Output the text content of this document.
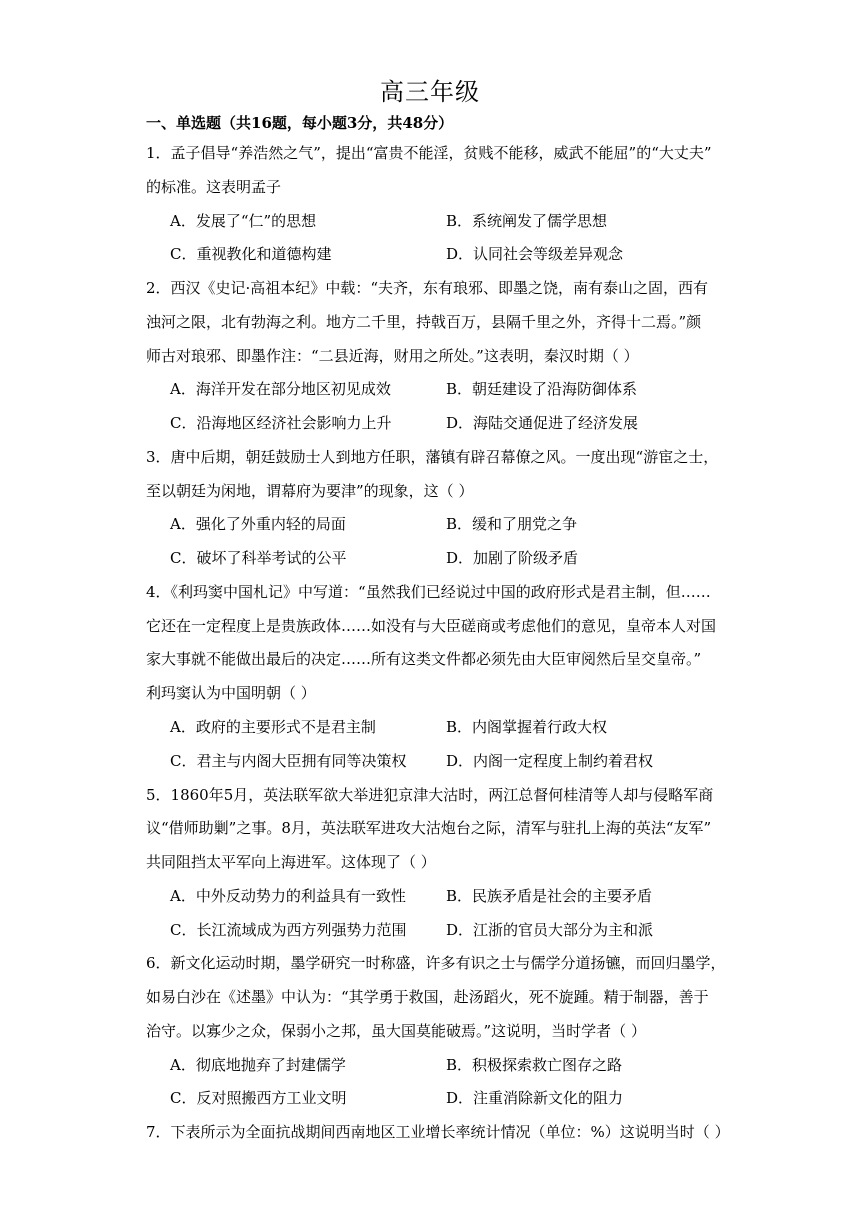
高三年级
一、单选题（共16题，每小题3分，共48分）
1．孟子倡导“养浩然之气”，提出“富贵不能淫，贫贱不能移，威武不能屈”的“大丈夫”
的标准。这表明孟子
A．发展了“仁”的思想	B．系统阐发了儒学思想
C．重视教化和道德构建	D．认同社会等级差异观念
2．西汉《史记·高祖本纪》中载：“夫齐，东有琅邪、即墨之饶，南有泰山之固，西有
浊河之限，北有勃海之利。地方二千里，持戟百万，县隔千里之外，齐得十二焉。”颜
师古对琅邪、即墨作注：“二县近海，财用之所处。”这表明，秦汉时期（ ）
A．海洋开发在部分地区初见成效	B．朝廷建设了沿海防御体系
C．沿海地区经济社会影响力上升	D．海陆交通促进了经济发展
3．唐中后期，朝廷鼓励士人到地方任职，藩镇有辟召幕僚之风。一度出现“游宦之士，
至以朝廷为闲地，谓幕府为要津”的现象，这（ ）
A．强化了外重内轻的局面	B．缓和了朋党之争
C．破坏了科举考试的公平	D．加剧了阶级矛盾
4．《利玛窦中国札记》中写道：“虽然我们已经说过中国的政府形式是君主制，但……
它还在一定程度上是贵族政体……如没有与大臣磋商或考虑他们的意见，皇帝本人对国
家大事就不能做出最后的决定……所有这类文件都必须先由大臣审阅然后呈交皇帝。”
利玛窦认为中国明朝（ ）
A．政府的主要形式不是君主制	B．内阁掌握着行政大权
C．君主与内阁大臣拥有同等决策权	D．内阁一定程度上制约着君权
5．1860年5月，英法联军欲大举进犯京津大沽时，两江总督何桂清等人却与侵略军商
议“借师助剿”之事。8月，英法联军进攻大沽炮台之际，清军与驻扎上海的英法“友军”
共同阻挡太平军向上海进军。这体现了（ ）
A．中外反动势力的利益具有一致性	B．民族矛盾是社会的主要矛盾
C．长江流域成为西方列强势力范围	D．江浙的官员大部分为主和派
6．新文化运动时期，墨学研究一时称盛，许多有识之士与儒学分道扬镳，而回归墨学，
如易白沙在《述墨》中认为：“其学勇于救国，赴汤蹈火，死不旋踵。精于制器，善于
治守。以寡少之众，保弱小之邦，虽大国莫能破焉。”这说明，当时学者（ ）
A．彻底地抛弃了封建儒学	B．积极探索救亡图存之路
C．反对照搬西方工业文明	D．注重消除新文化的阻力
7．下表所示为全面抗战期间西南地区工业增长率统计情况（单位：%）这说明当时（ ）
